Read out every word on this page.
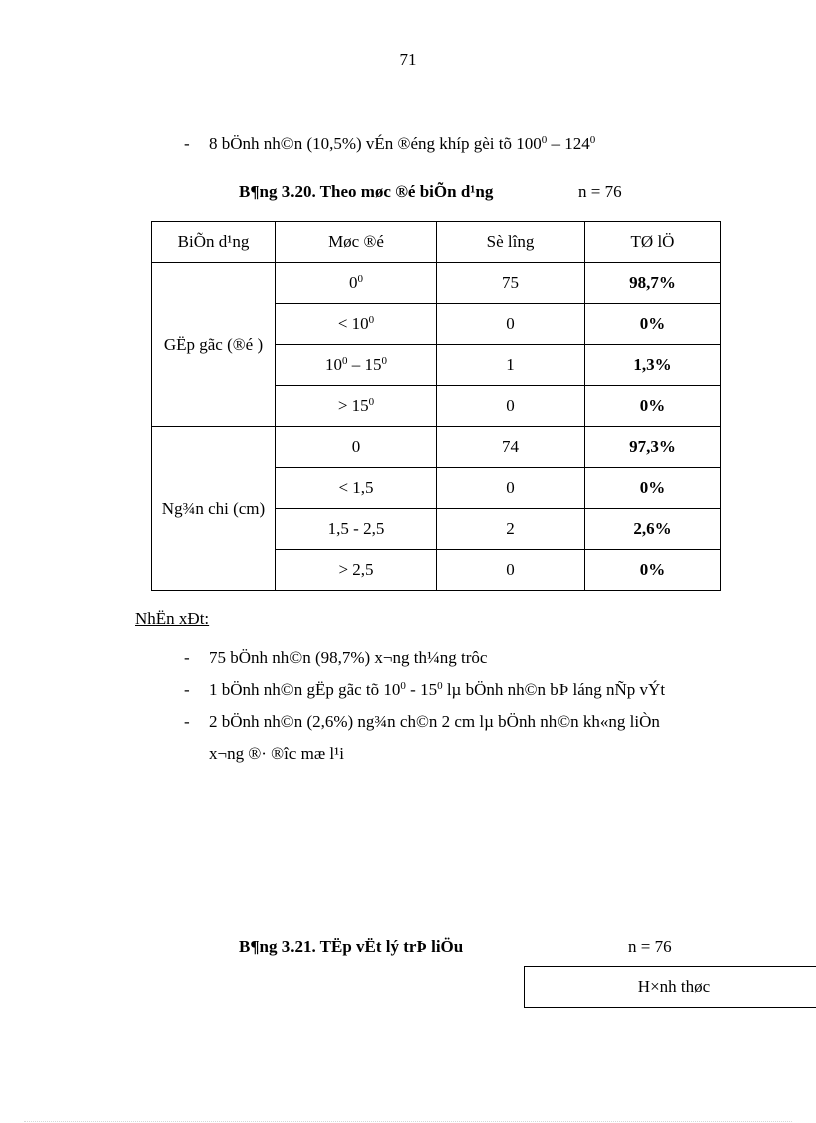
71
- 8 bÖnh nh©n (10,5%) vÉn ®éng khíp gèi tõ $100^0 - 124^0$
B¶ng 3.20. Theo møc ®é biÕn d¹ng	n = 76
BiÕn d¹ng	Møc ®é	Sè lîng	TØ lÖ
GËp gãc (®é )	$0^0$	75	98,7%
	< $10^0$	0	0%
	$10^0 - 15^0$	1	1,3%
	> $15^0$	0	0%
Ng¾n chi (cm)	0	74	97,3%
	< 1,5	0	0%
	1,5 - 2,5	2	2,6%
	> 2,5	0	0%
NhËn xÐt:
- 75 bÖnh nh©n (98,7%) x¬ng th¼ng trôc
- 1 bÖnh nh©n gËp gãc tõ $10^0 - 15^0$ lµ bÖnh nh©n bÞ láng nÑp vÝt
- 2 bÖnh nh©n (2,6%) ng¾n ch©n 2 cm lµ bÖnh nh©n kh«ng liÒn
x¬ng ®· ®îc mæ l¹i
B¶ng 3.21. TËp vËt lý trÞ liÖu	n = 76
H×nh thøc
